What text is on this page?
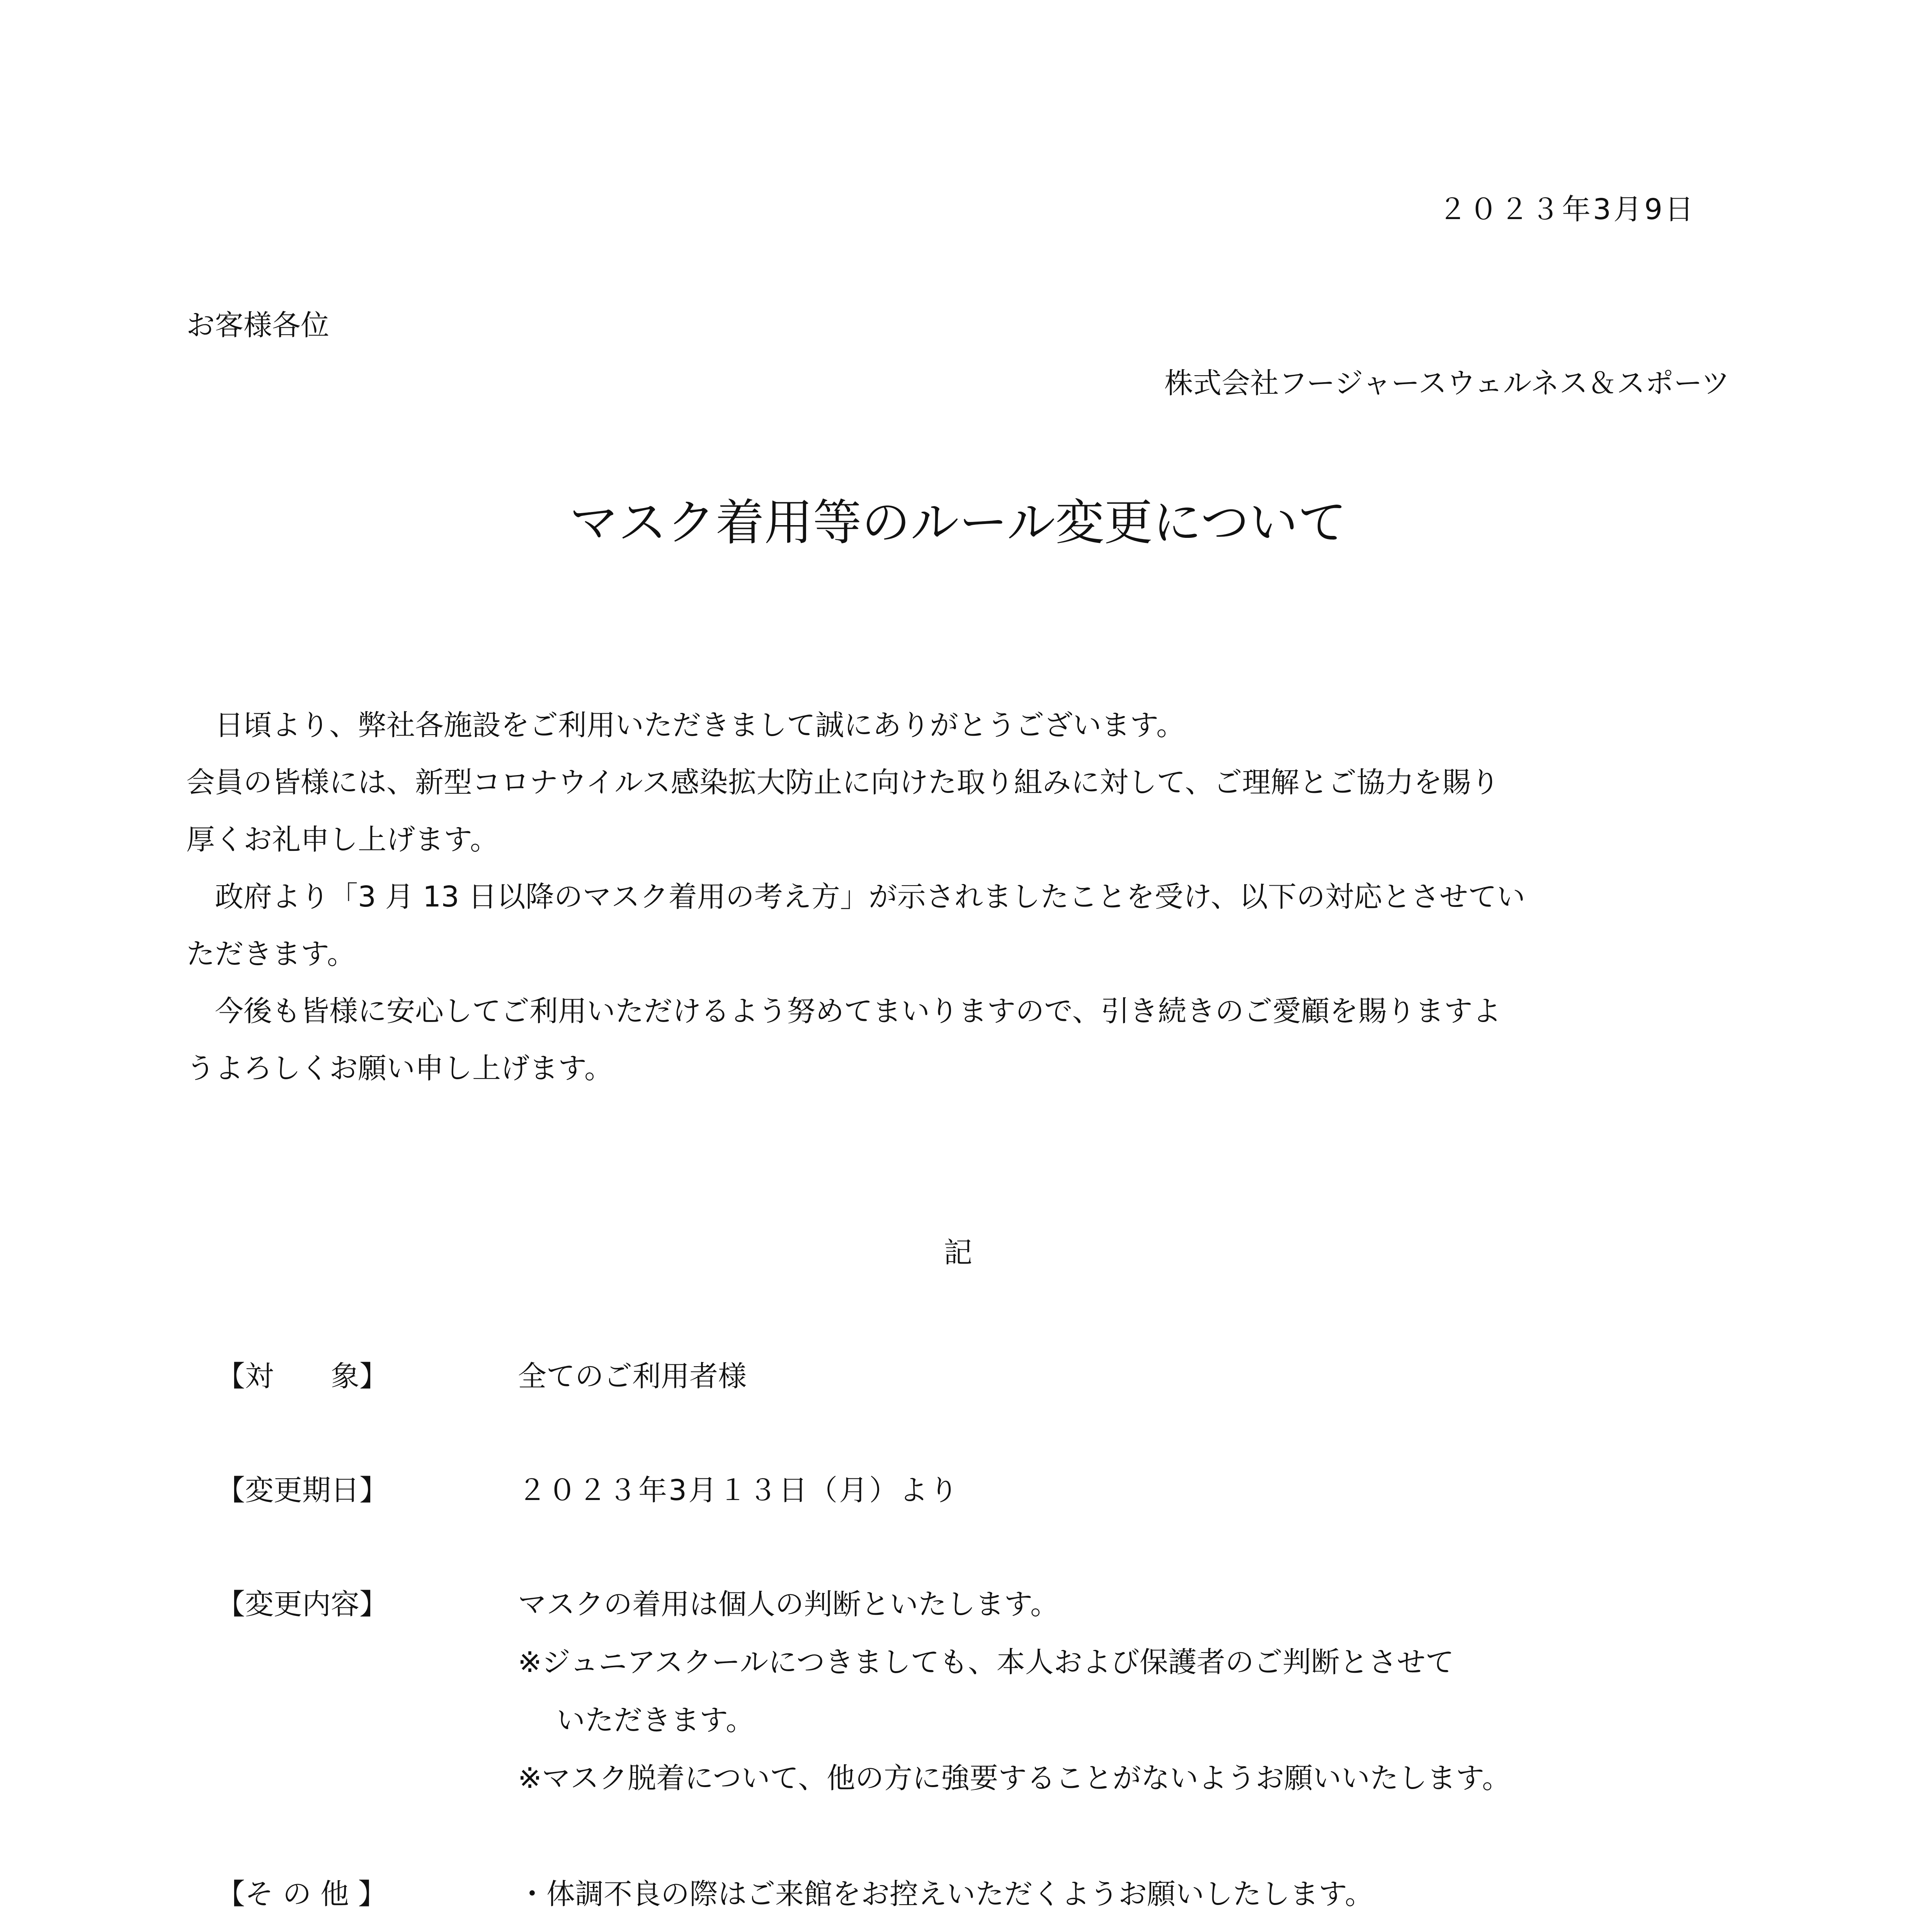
２０２３年3月9日
お客様各位
株式会社フージャースウェルネス＆スポーツ
マスク着用等のルール変更について
日頃より、弊社各施設をご利用いただきまして誠にありがとうございます。
会員の皆様には、新型コロナウイルス感染拡大防止に向けた取り組みに対して、ご理解とご協力を賜り
厚くお礼申し上げます。
政府より「3 月 13 日以降のマスク着用の考え方」が示されましたことを受け、以下の対応とさせてい
ただきます。
今後も皆様に安心してご利用いただけるよう努めてまいりますので、引き続きのご愛顧を賜りますよ
うよろしくお願い申し上げます。
記
【対　　象】	全てのご利用者様
【変更期日】	２０２３年3月１３日（月）より
【変更内容】	マスクの着用は個人の判断といたします。
※ジュニアスクールにつきましても、本人および保護者のご判断とさせて
いただきます。
※マスク脱着について、他の方に強要することがないようお願いいたします。
【そ の 他 】	・体調不良の際はご来館をお控えいただくようお願いしたします。
